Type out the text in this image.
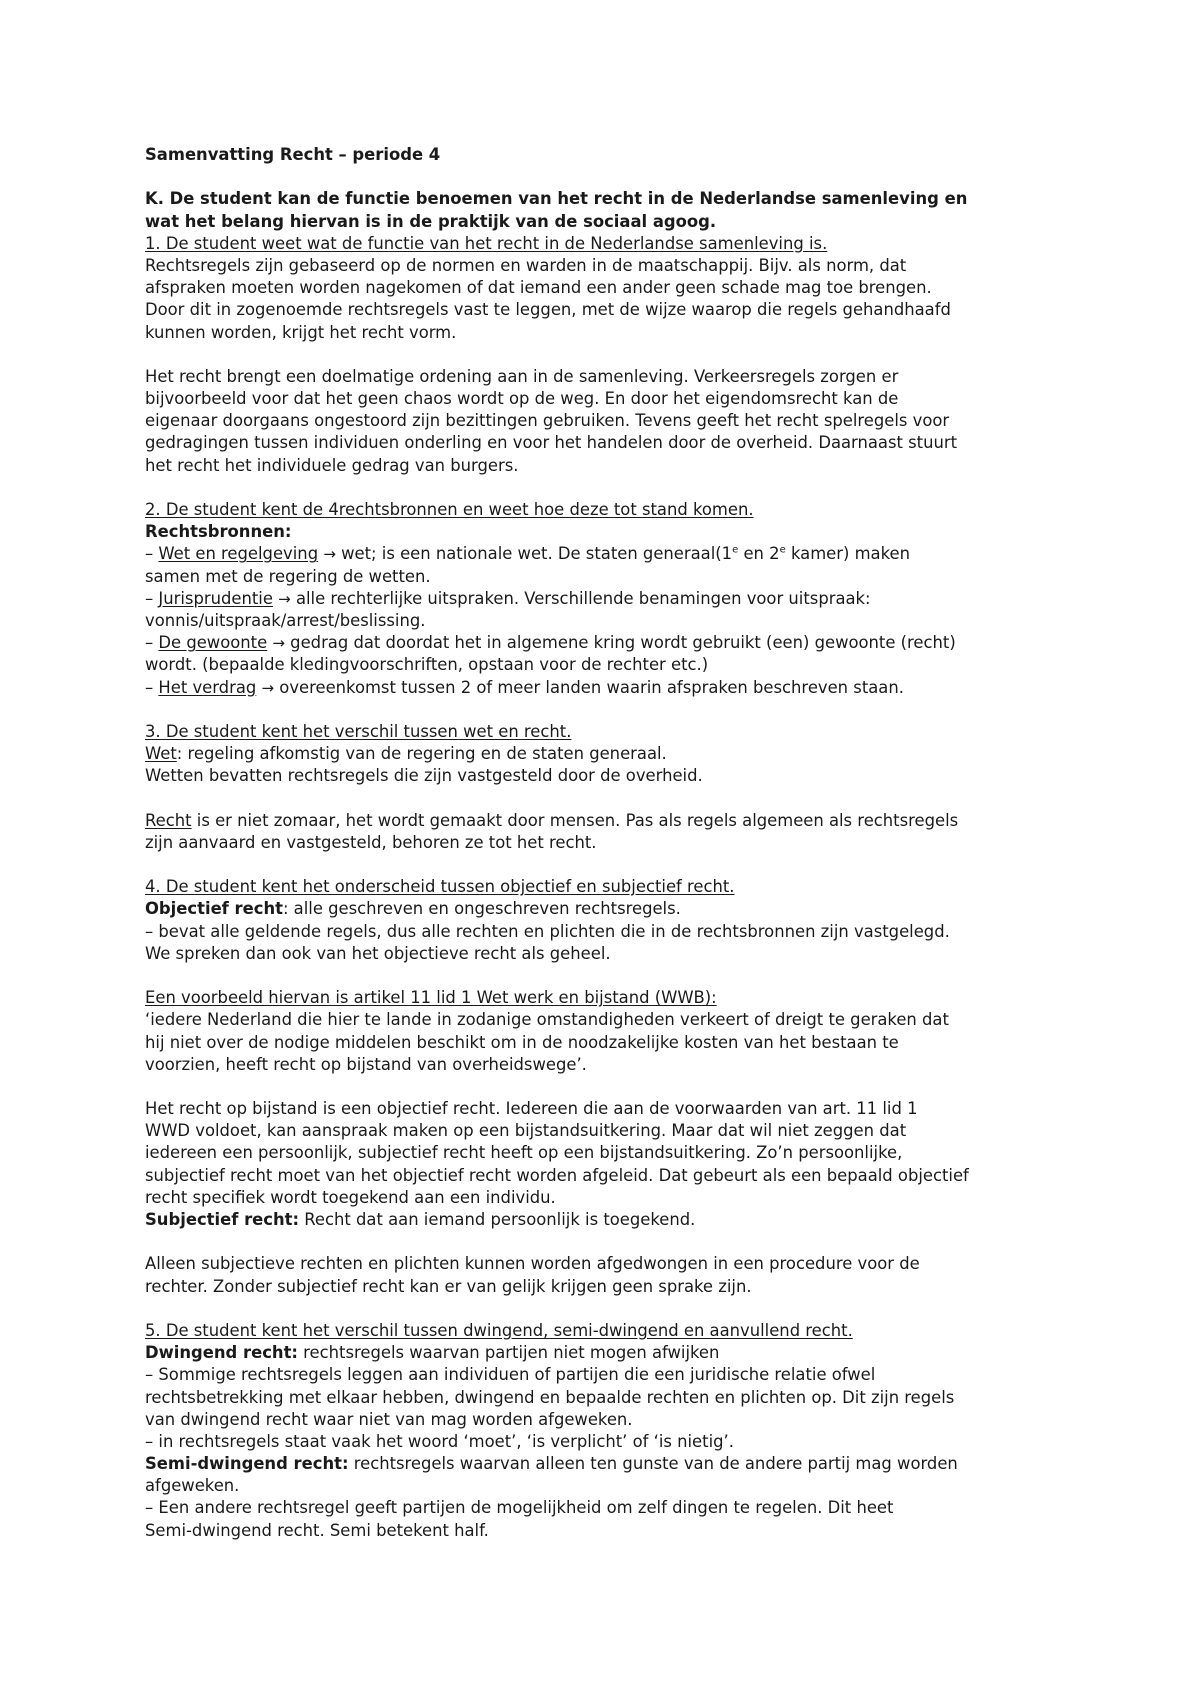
Samenvatting Recht – periode 4
K. De student kan de functie benoemen van het recht in de Nederlandse samenleving en
wat het belang hiervan is in de praktijk van de sociaal agoog.
1. De student weet wat de functie van het recht in de Nederlandse samenleving is.
Rechtsregels zijn gebaseerd op de normen en warden in de maatschappij. Bijv. als norm, dat
afspraken moeten worden nagekomen of dat iemand een ander geen schade mag toe brengen.
Door dit in zogenoemde rechtsregels vast te leggen, met de wijze waarop die regels gehandhaafd
kunnen worden, krijgt het recht vorm.
Het recht brengt een doelmatige ordening aan in de samenleving. Verkeersregels zorgen er
bijvoorbeeld voor dat het geen chaos wordt op de weg. En door het eigendomsrecht kan de
eigenaar doorgaans ongestoord zijn bezittingen gebruiken. Tevens geeft het recht spelregels voor
gedragingen tussen individuen onderling en voor het handelen door de overheid. Daarnaast stuurt
het recht het individuele gedrag van burgers.
2. De student kent de 4rechtsbronnen en weet hoe deze tot stand komen.
Rechtsbronnen:
– Wet en regelgeving → wet; is een nationale wet. De staten generaal(1e en 2e kamer) maken
samen met de regering de wetten.
– Jurisprudentie → alle rechterlijke uitspraken. Verschillende benamingen voor uitspraak:
vonnis/uitspraak/arrest/beslissing.
– De gewoonte → gedrag dat doordat het in algemene kring wordt gebruikt (een) gewoonte (recht)
wordt. (bepaalde kledingvoorschriften, opstaan voor de rechter etc.)
– Het verdrag → overeenkomst tussen 2 of meer landen waarin afspraken beschreven staan.
3. De student kent het verschil tussen wet en recht.
Wet: regeling afkomstig van de regering en de staten generaal.
Wetten bevatten rechtsregels die zijn vastgesteld door de overheid.
Recht is er niet zomaar, het wordt gemaakt door mensen. Pas als regels algemeen als rechtsregels
zijn aanvaard en vastgesteld, behoren ze tot het recht.
4. De student kent het onderscheid tussen objectief en subjectief recht.
Objectief recht: alle geschreven en ongeschreven rechtsregels.
– bevat alle geldende regels, dus alle rechten en plichten die in de rechtsbronnen zijn vastgelegd.
We spreken dan ook van het objectieve recht als geheel.
Een voorbeeld hiervan is artikel 11 lid 1 Wet werk en bijstand (WWB):
‘iedere Nederland die hier te lande in zodanige omstandigheden verkeert of dreigt te geraken dat
hij niet over de nodige middelen beschikt om in de noodzakelijke kosten van het bestaan te
voorzien, heeft recht op bijstand van overheidswege’.
Het recht op bijstand is een objectief recht. Iedereen die aan de voorwaarden van art. 11 lid 1
WWD voldoet, kan aanspraak maken op een bijstandsuitkering. Maar dat wil niet zeggen dat
iedereen een persoonlijk, subjectief recht heeft op een bijstandsuitkering. Zo’n persoonlijke,
subjectief recht moet van het objectief recht worden afgeleid. Dat gebeurt als een bepaald objectief
recht specifiek wordt toegekend aan een individu.
Subjectief recht: Recht dat aan iemand persoonlijk is toegekend.
Alleen subjectieve rechten en plichten kunnen worden afgedwongen in een procedure voor de
rechter. Zonder subjectief recht kan er van gelijk krijgen geen sprake zijn.
5. De student kent het verschil tussen dwingend, semi-dwingend en aanvullend recht.
Dwingend recht: rechtsregels waarvan partijen niet mogen afwijken
– Sommige rechtsregels leggen aan individuen of partijen die een juridische relatie ofwel
rechtsbetrekking met elkaar hebben, dwingend en bepaalde rechten en plichten op. Dit zijn regels
van dwingend recht waar niet van mag worden afgeweken.
– in rechtsregels staat vaak het woord ‘moet’, ‘is verplicht’ of ‘is nietig’.
Semi-dwingend recht: rechtsregels waarvan alleen ten gunste van de andere partij mag worden
afgeweken.
– Een andere rechtsregel geeft partijen de mogelijkheid om zelf dingen te regelen. Dit heet
Semi-dwingend recht. Semi betekent half.
